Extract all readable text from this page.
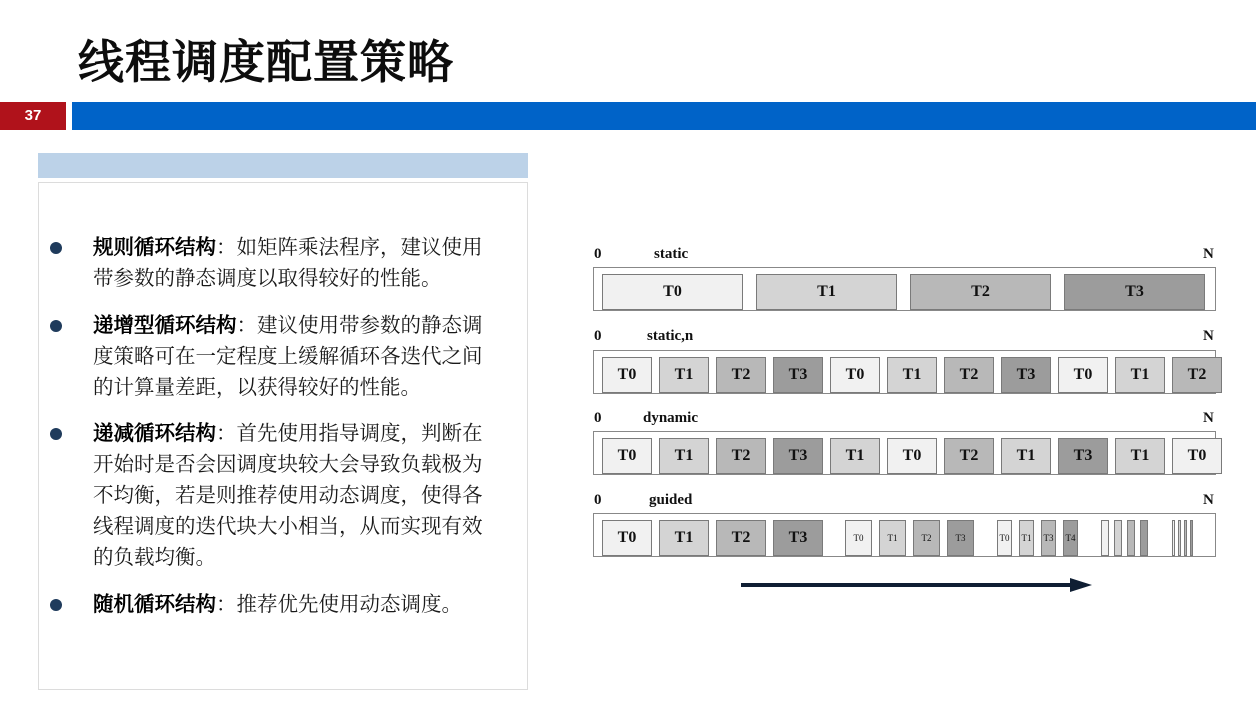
线程调度配置策略
37
规则循环结构：如矩阵乘法程序，建议使用带参数的静态调度以取得较好的性能。
递增型循环结构：建议使用带参数的静态调度策略可在一定程度上缓解循环各迭代之间的计算量差距，以获得较好的性能。
递减循环结构：首先使用指导调度，判断在开始时是否会因调度块较大会导致负载极为不均衡，若是则推荐使用动态调度，使得各线程调度的迭代块大小相当，从而实现有效的负载均衡。
随机循环结构：推荐优先使用动态调度。
0	static	N
T0	T1	T2	T3
0	static,n	N
T0	T1	T2	T3	T0	T1	T2	T3	T0	T1	T2
0	dynamic	N
T0	T1	T2	T3	T1	T0	T2	T1	T3	T1	T0
0	guided	N
T0	T1	T2	T3	T0	T1	T2	T3	T0 T1 T3 T4
